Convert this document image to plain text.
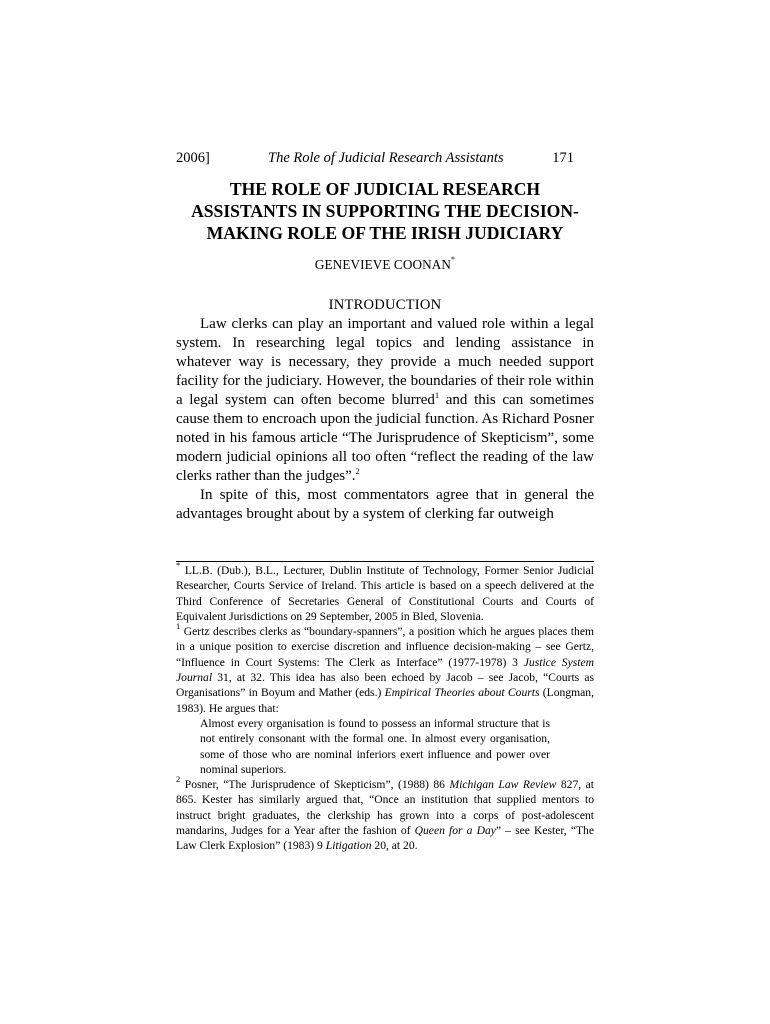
2006]	The Role of Judicial Research Assistants	171
THE ROLE OF JUDICIAL RESEARCH
ASSISTANTS IN SUPPORTING THE DECISION-
MAKING ROLE OF THE IRISH JUDICIARY
GENEVIEVE COONAN*
INTRODUCTION

Law clerks can play an important and valued role within a legal system. In researching legal topics and lending assistance in whatever way is necessary, they provide a much needed support facility for the judiciary. However, the boundaries of their role within a legal system can often become blurred$^1$ and this can sometimes cause them to encroach upon the judicial function. As Richard Posner noted in his famous article “The Jurisprudence of Skepticism”, some modern judicial opinions all too often “reflect the reading of the law clerks rather than the judges”.$^2$

In spite of this, most commentators agree that in general the advantages brought about by a system of clerking far outweigh

* LL.B. (Dub.), B.L., Lecturer, Dublin Institute of Technology, Former Senior Judicial Researcher, Courts Service of Ireland. This article is based on a speech delivered at the Third Conference of Secretaries General of Constitutional Courts and Courts of Equivalent Jurisdictions on 29 September, 2005 in Bled, Slovenia.

$^1$ Gertz describes clerks as “boundary-spanners”, a position which he argues places them in a unique position to exercise discretion and influence decision-making – see Gertz, “Influence in Court Systems: The Clerk as Interface” (1977-1978) 3 Justice System Journal 31, at 32. This idea has also been echoed by Jacob – see Jacob, “Courts as Organisations” in Boyum and Mather (eds.) Empirical Theories about Courts (Longman, 1983). He argues that:

Almost every organisation is found to possess an informal structure that is not entirely consonant with the formal one. In almost every organisation, some of those who are nominal inferiors exert influence and power over nominal superiors.

$^2$ Posner, “The Jurisprudence of Skepticism”, (1988) 86 Michigan Law Review 827, at 865. Kester has similarly argued that, “Once an institution that supplied mentors to instruct bright graduates, the clerkship has grown into a corps of post-adolescent mandarins, Judges for a Year after the fashion of Queen for a Day” – see Kester, “The Law Clerk Explosion” (1983) 9 Litigation 20, at 20.
